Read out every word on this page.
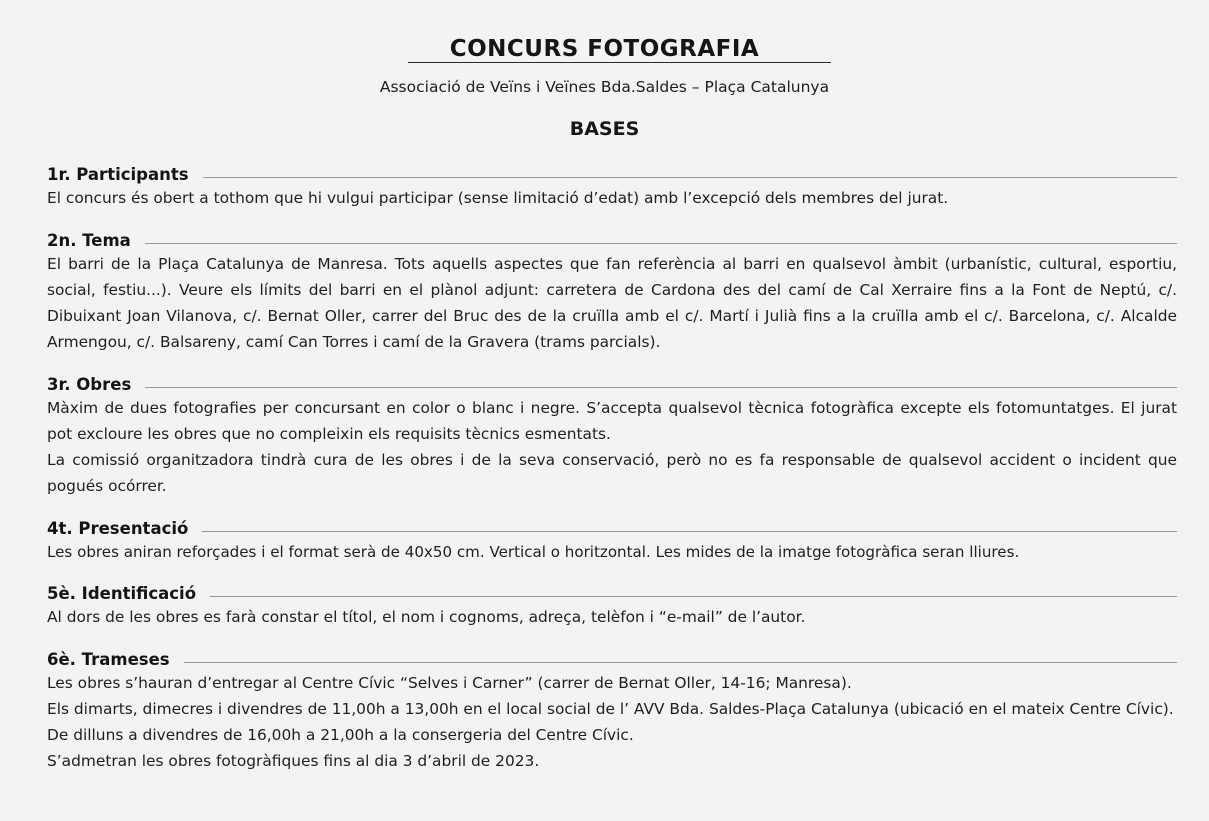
CONCURS FOTOGRAFIA
Associació de Veïns i Veïnes Bda.Saldes – Plaça Catalunya
BASES
1r. Participants

El concurs és obert a tothom que hi vulgui participar (sense limitació d’edat) amb l’excepció dels membres del jurat.

2n. Tema

El barri de la Plaça Catalunya de Manresa. Tots aquells aspectes que fan referència al barri en qualsevol àmbit (urbanístic, cultural, esportiu, social, festiu...). Veure els límits del barri en el plànol adjunt: carretera de Cardona des del camí de Cal Xerraire fins a la Font de Neptú, c/. Dibuixant Joan Vilanova, c/. Bernat Oller, carrer del Bruc des de la cruïlla amb el c/. Martí i Julià fins a la cruïlla amb el c/. Barcelona, c/. Alcalde Armengou, c/. Balsareny, camí Can Torres i camí de la Gravera (trams parcials).

3r. Obres

Màxim de dues fotografies per concursant en color o blanc i negre. S’accepta qualsevol tècnica fotogràfica excepte els fotomuntatges. El jurat pot excloure les obres que no compleixin els requisits tècnics esmentats.

La comissió organitzadora tindrà cura de les obres i de la seva conservació, però no es fa responsable de qualsevol accident o incident que pogués ocórrer.

4t. Presentació

Les obres aniran reforçades i el format serà de 40x50 cm. Vertical o horitzontal. Les mides de la imatge fotogràfica seran lliures.

5è. Identificació

Al dors de les obres es farà constar el títol, el nom i cognoms, adreça, telèfon i “e-mail” de l’autor.

6è. Trameses

Les obres s’hauran d’entregar al Centre Cívic “Selves i Carner” (carrer de Bernat Oller, 14-16; Manresa).

Els dimarts, dimecres i divendres de 11,00h a 13,00h en el local social de l’ AVV Bda. Saldes-Plaça Catalunya (ubicació en el mateix Centre Cívic).

De dilluns a divendres de 16,00h a 21,00h a la consergeria del Centre Cívic.

S’admetran les obres fotogràfiques fins al dia 3 d’abril de 2023.
